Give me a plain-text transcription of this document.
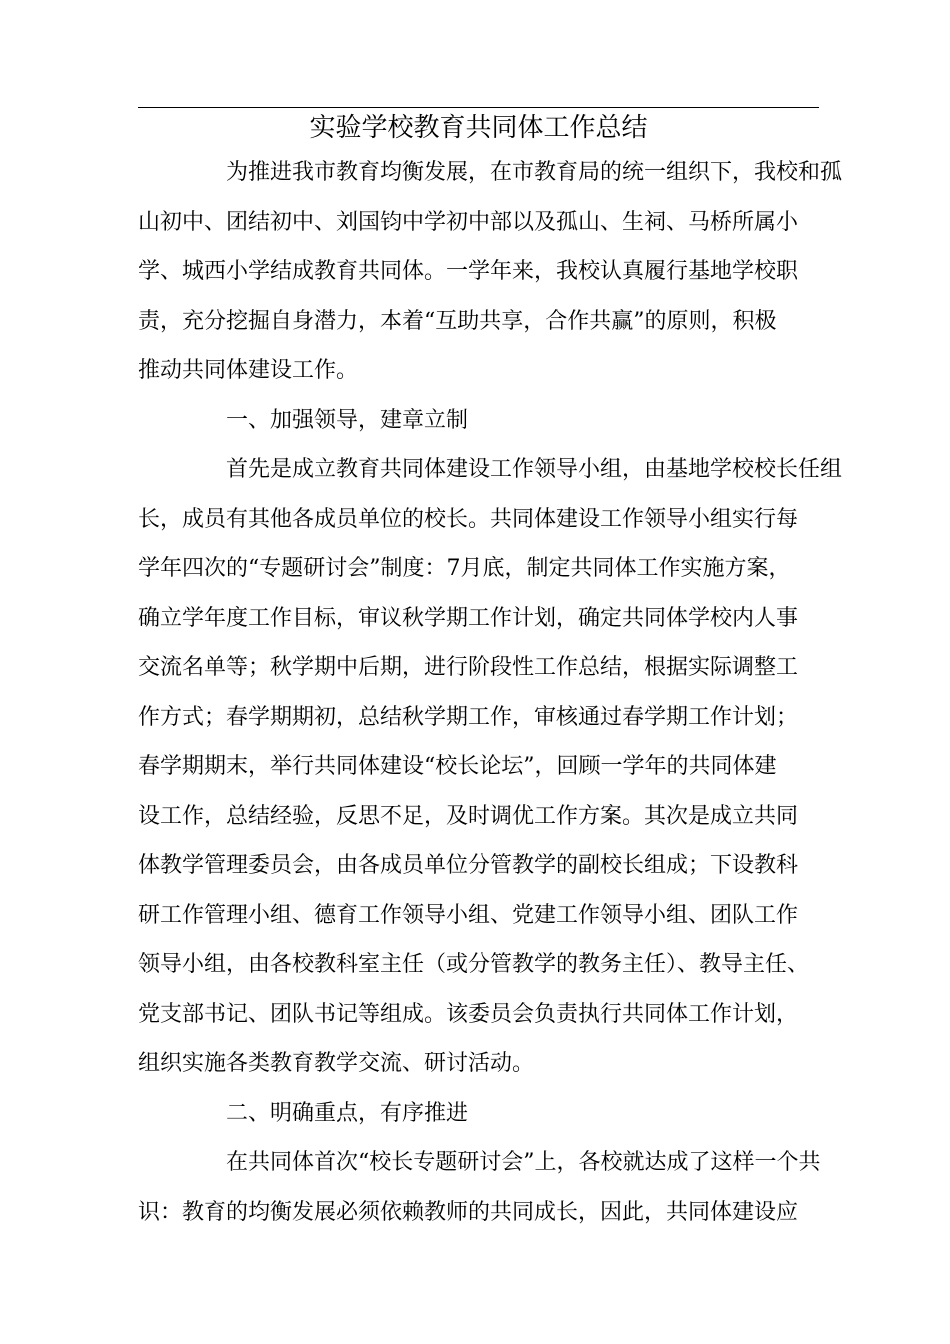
实验学校教育共同体工作总结
为推进我市教育均衡发展，在市教育局的统一组织下，我校和孤
山初中、团结初中、刘国钧中学初中部以及孤山、生祠、马桥所属小
学、城西小学结成教育共同体。一学年来，我校认真履行基地学校职
责，充分挖掘自身潜力，本着“互助共享，合作共赢”的原则，积极
推动共同体建设工作。
一、加强领导，建章立制
首先是成立教育共同体建设工作领导小组，由基地学校校长任组
长，成员有其他各成员单位的校长。共同体建设工作领导小组实行每
学年四次的“专题研讨会”制度：7月底，制定共同体工作实施方案，
确立学年度工作目标，审议秋学期工作计划，确定共同体学校内人事
交流名单等；秋学期中后期，进行阶段性工作总结，根据实际调整工
作方式；春学期期初，总结秋学期工作，审核通过春学期工作计划；
春学期期末，举行共同体建设“校长论坛”，回顾一学年的共同体建
设工作，总结经验，反思不足，及时调优工作方案。其次是成立共同
体教学管理委员会，由各成员单位分管教学的副校长组成；下设教科
研工作管理小组、德育工作领导小组、党建工作领导小组、团队工作
领导小组，由各校教科室主任（或分管教学的教务主任）、教导主任、
党支部书记、团队书记等组成。该委员会负责执行共同体工作计划，
组织实施各类教育教学交流、研讨活动。
二、明确重点，有序推进
在共同体首次“校长专题研讨会”上，各校就达成了这样一个共
识：教育的均衡发展必须依赖教师的共同成长，因此，共同体建设应
